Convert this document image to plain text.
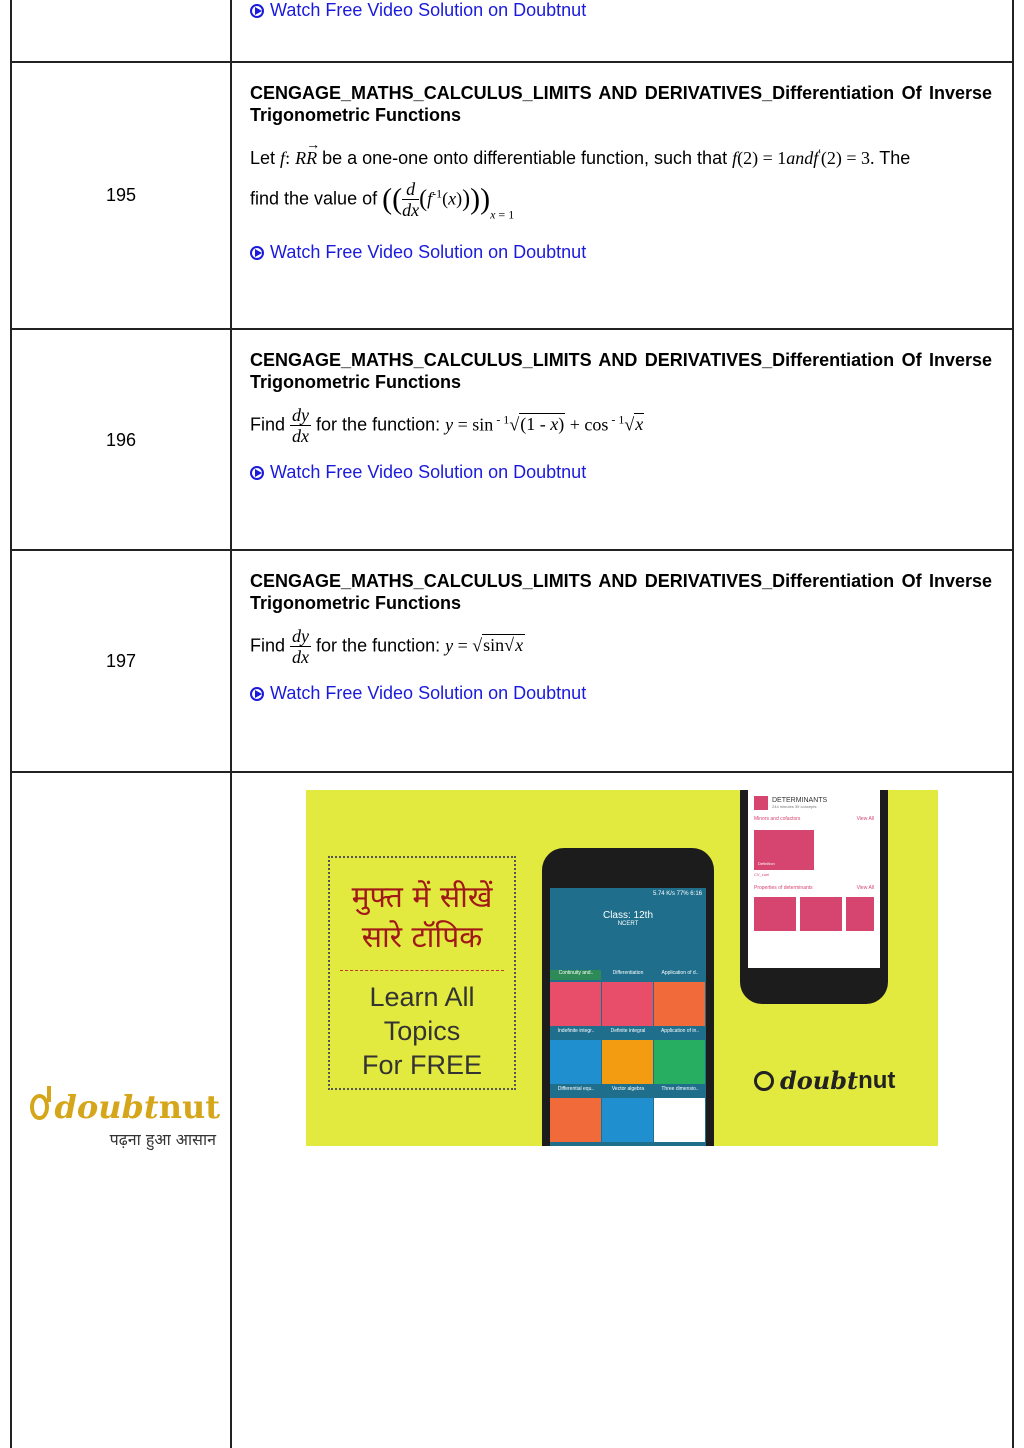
Watch Free Video Solution on Doubtnut
195
CENGAGE_MATHS_CALCULUS_LIMITS AND DERIVATIVES_Differentiation Of Inverse Trigonometric Functions
Let f: RR
→
be a one-one onto differentiable function, such that f(2) = 1andf′(2) = 3. The
find the value of (( $\frac{d}{dx} (f^{-1}(x))))_x$ $_{= 1}$
Watch Free Video Solution on Doubtnut
196
CENGAGE_MATHS_CALCULUS_LIMITS AND DERIVATIVES_Differentiation Of Inverse Trigonometric Functions
Find $\frac{dy}{dx}$ for the function: y = sin $^{- 1}$√(1 - x) + cos $^{- 1}$√x
Watch Free Video Solution on Doubtnut
197
CENGAGE_MATHS_CALCULUS_LIMITS AND DERIVATIVES_Differentiation Of Inverse Trigonometric Functions
Find $\frac{dy}{dx}$ for the function: y = √sin√x
Watch Free Video Solution on Doubtnut
doubt nut
पढ़ना हुआ आसान
मुफ्त में सीखें
सारे टॉपिक
Learn All
Topics
For FREE
5.74 K/s 77% 6:16
Class: 12th
NCERT
Continuity and..	Differentiation	Application of d..
Indefinite integr..	Definite integral	Application of in..
Differential equ..	Vector algebra	Three dimensio..
DETERMINANTS
244 minutes 39 concepts
Minors and cofactors	View All
Definition
CV_zuel
Properties of determinants	View All
doubt nut
